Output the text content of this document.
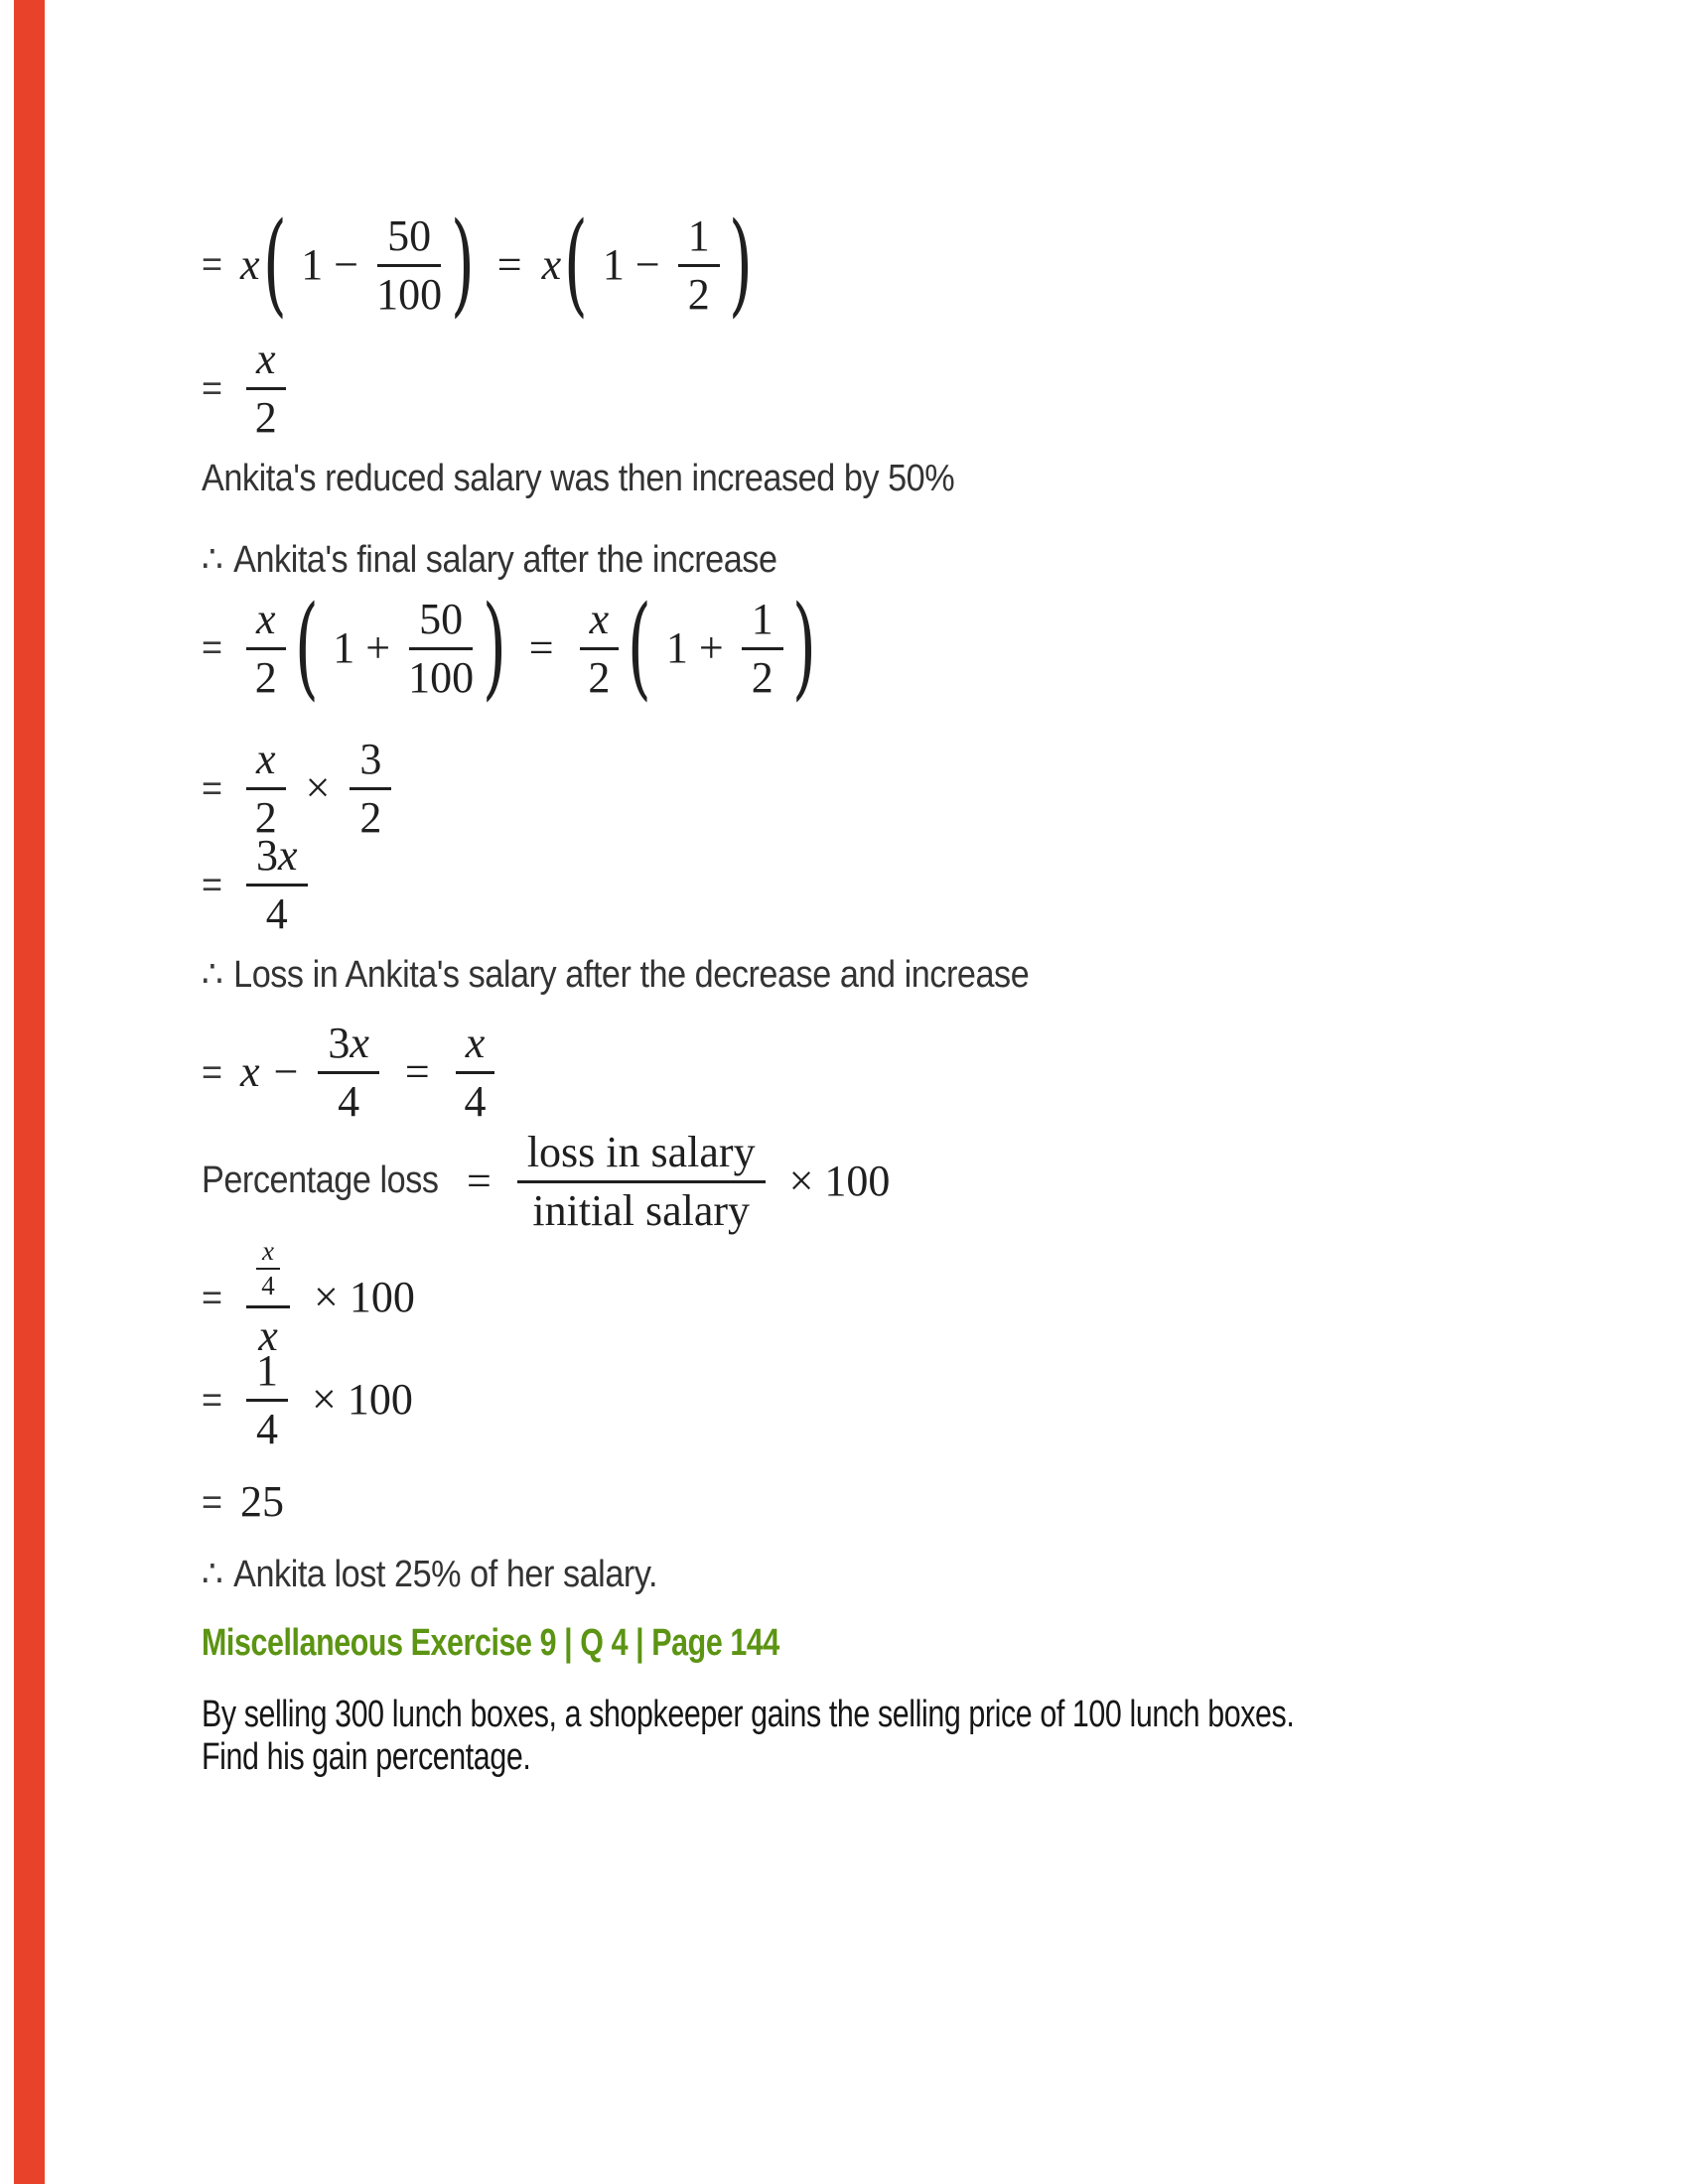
= x ( $1 - \frac{50}{100}$ ) = x ( $1 - \frac{1}{2}$ )
= $\frac{x}{2}$
Ankita's reduced salary was then increased by 50%
∴ Ankita's final salary after the increase
= $\frac{x}{2}$ ( $1 + \frac{50}{100}$ ) = $\frac{x}{2}$ ( $1 + \frac{1}{2}$ )
= $\frac{x}{2} \times \frac{3}{2}$
= $\frac{3 x}{4}$
∴ Loss in Ankita's salary after the decrease and increase
= $x - \frac{3 x}{4} = \frac{x}{4}$
Percentage loss = $\frac{\text{loss in salary}}{\text{initial salary}} \times 100$
= $\frac{\frac{x}{4}}{x} \times 100$
= $\frac{1}{4} \times 100$
= 25
∴ Ankita lost 25% of her salary.
Miscellaneous Exercise 9 | Q 4 | Page 144
By selling 300 lunch boxes, a shopkeeper gains the selling price of 100 lunch boxes.
Find his gain percentage.
